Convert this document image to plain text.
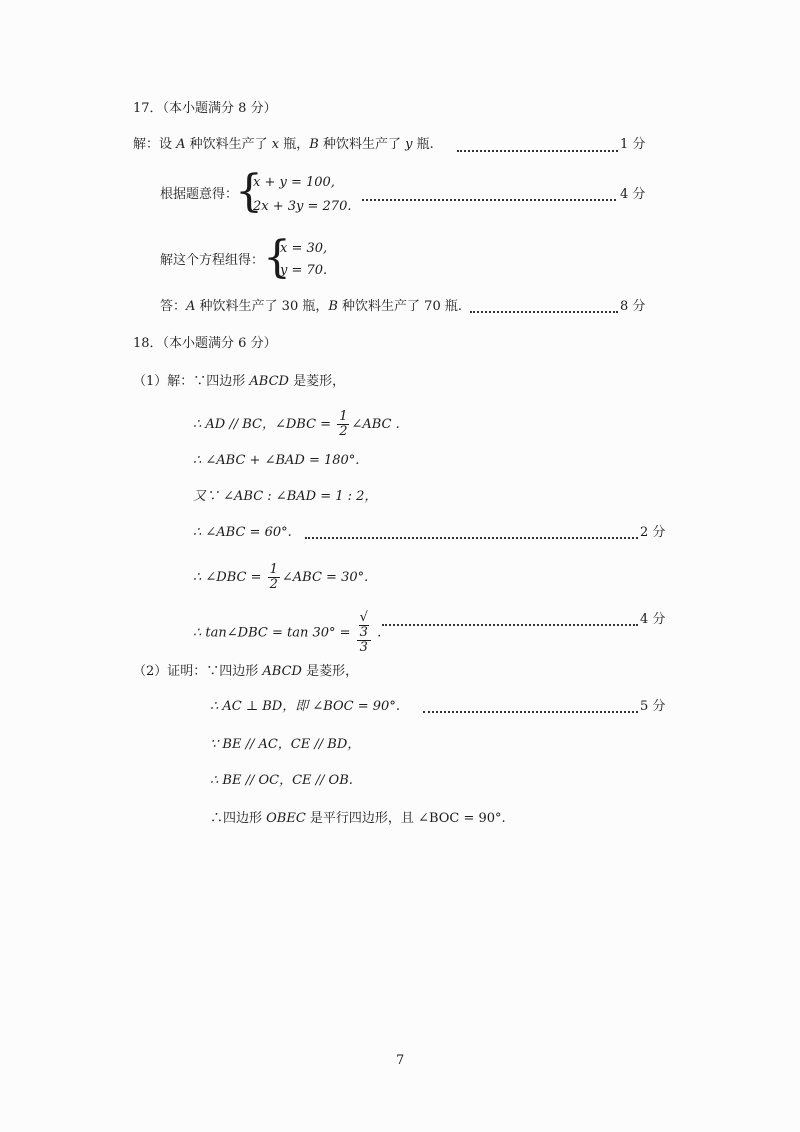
17．（本小题满分 8 分）
解：设 A 种饮料生产了 x 瓶，B 种饮料生产了 y 瓶.	1 分
根据题意得：
{
x + y = 100,
2x + 3y = 270.
4 分
解这个方程组得：
{
x = 30,
y = 70.
答：A 种饮料生产了 30 瓶，B 种饮料生产了 70 瓶.	8 分
18．（本小题满分 6 分）
（1）解：∵四边形 ABCD 是菱形，
∴ AD // BC，∠DBC = $\frac{1}{2}$ ∠ABC .
∴ ∠ABC + ∠BAD = 180°.
又∵ ∠ABC : ∠BAD = 1 : 2，
∴ ∠ABC = 60°.	2 分
∴ ∠DBC = $\frac{1}{2}$ ∠ABC = 30°.
∴ tan∠DBC = tan 30° = √
3
3 .
4 分
（2）证明：∵四边形 ABCD 是菱形，
∴ AC ⊥ BD，即 ∠BOC = 90°.	5 分
∵ BE // AC，CE // BD，
∴ BE // OC，CE // OB.
∴四边形 OBEC 是平行四边形，且 ∠BOC = 90°.
7
